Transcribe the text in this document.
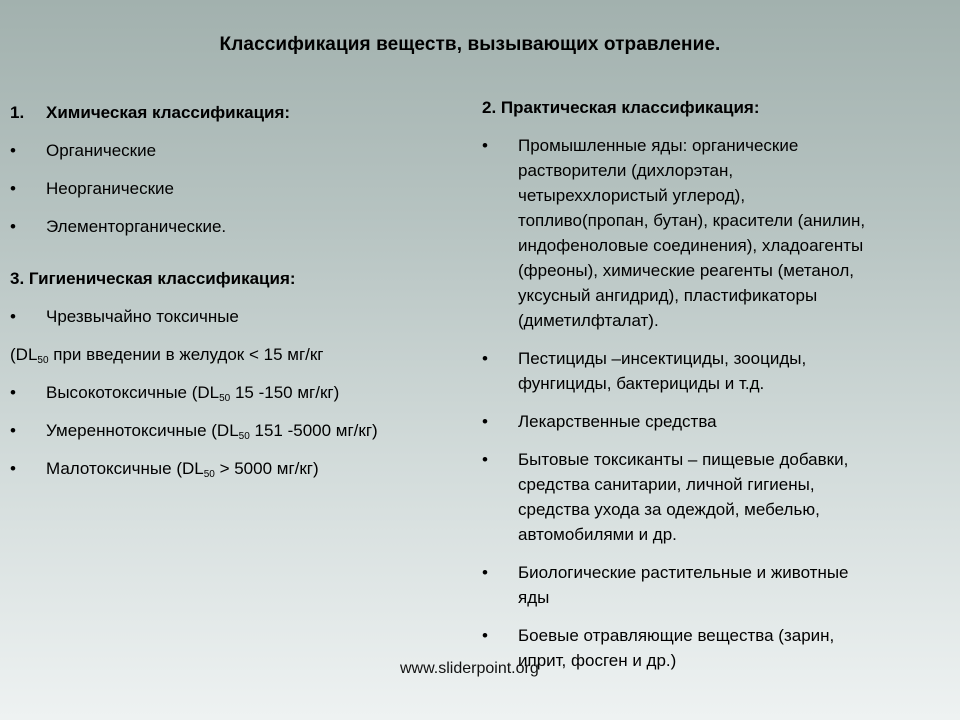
Классификация веществ, вызывающих отравление.
1.	Химическая классификация:
•	Органические
•	Неорганические
•	Элементорганические.
3. Гигиеническая классификация:
•	Чрезвычайно токсичные
($DL_{50}$ при введении в желудок < 15 мг/кг
•	Высокотоксичные ($DL_{50}$ 15 -150 мг/кг)
•	Умереннотоксичные ($DL_{50}$ 151 -5000 мг/кг)
•	Малотоксичные ($DL_{50} > 5000$ мг/кг)
2. Практическая классификация:
• Промышленные яды: органические
растворители (дихлорэтан,
четыреххлористый углерод),
топливо(пропан, бутан), красители (анилин,
индофеноловые соединения), хладоагенты
(фреоны), химические реагенты (метанол,
уксусный ангидрид), пластификаторы
(диметилфталат).
• Пестициды –инсектициды, зооциды,
фунгициды, бактерициды и т.д.
• Лекарственные средства
• Бытовые токсиканты – пищевые добавки,
средства санитарии, личной гигиены,
средства ухода за одеждой, мебелью,
автомобилями и др.
• Биологические растительные и животные
яды
• Боевые отравляющие вещества (зарин,
иприт, фосген и др.)
www.sliderpoint.org
